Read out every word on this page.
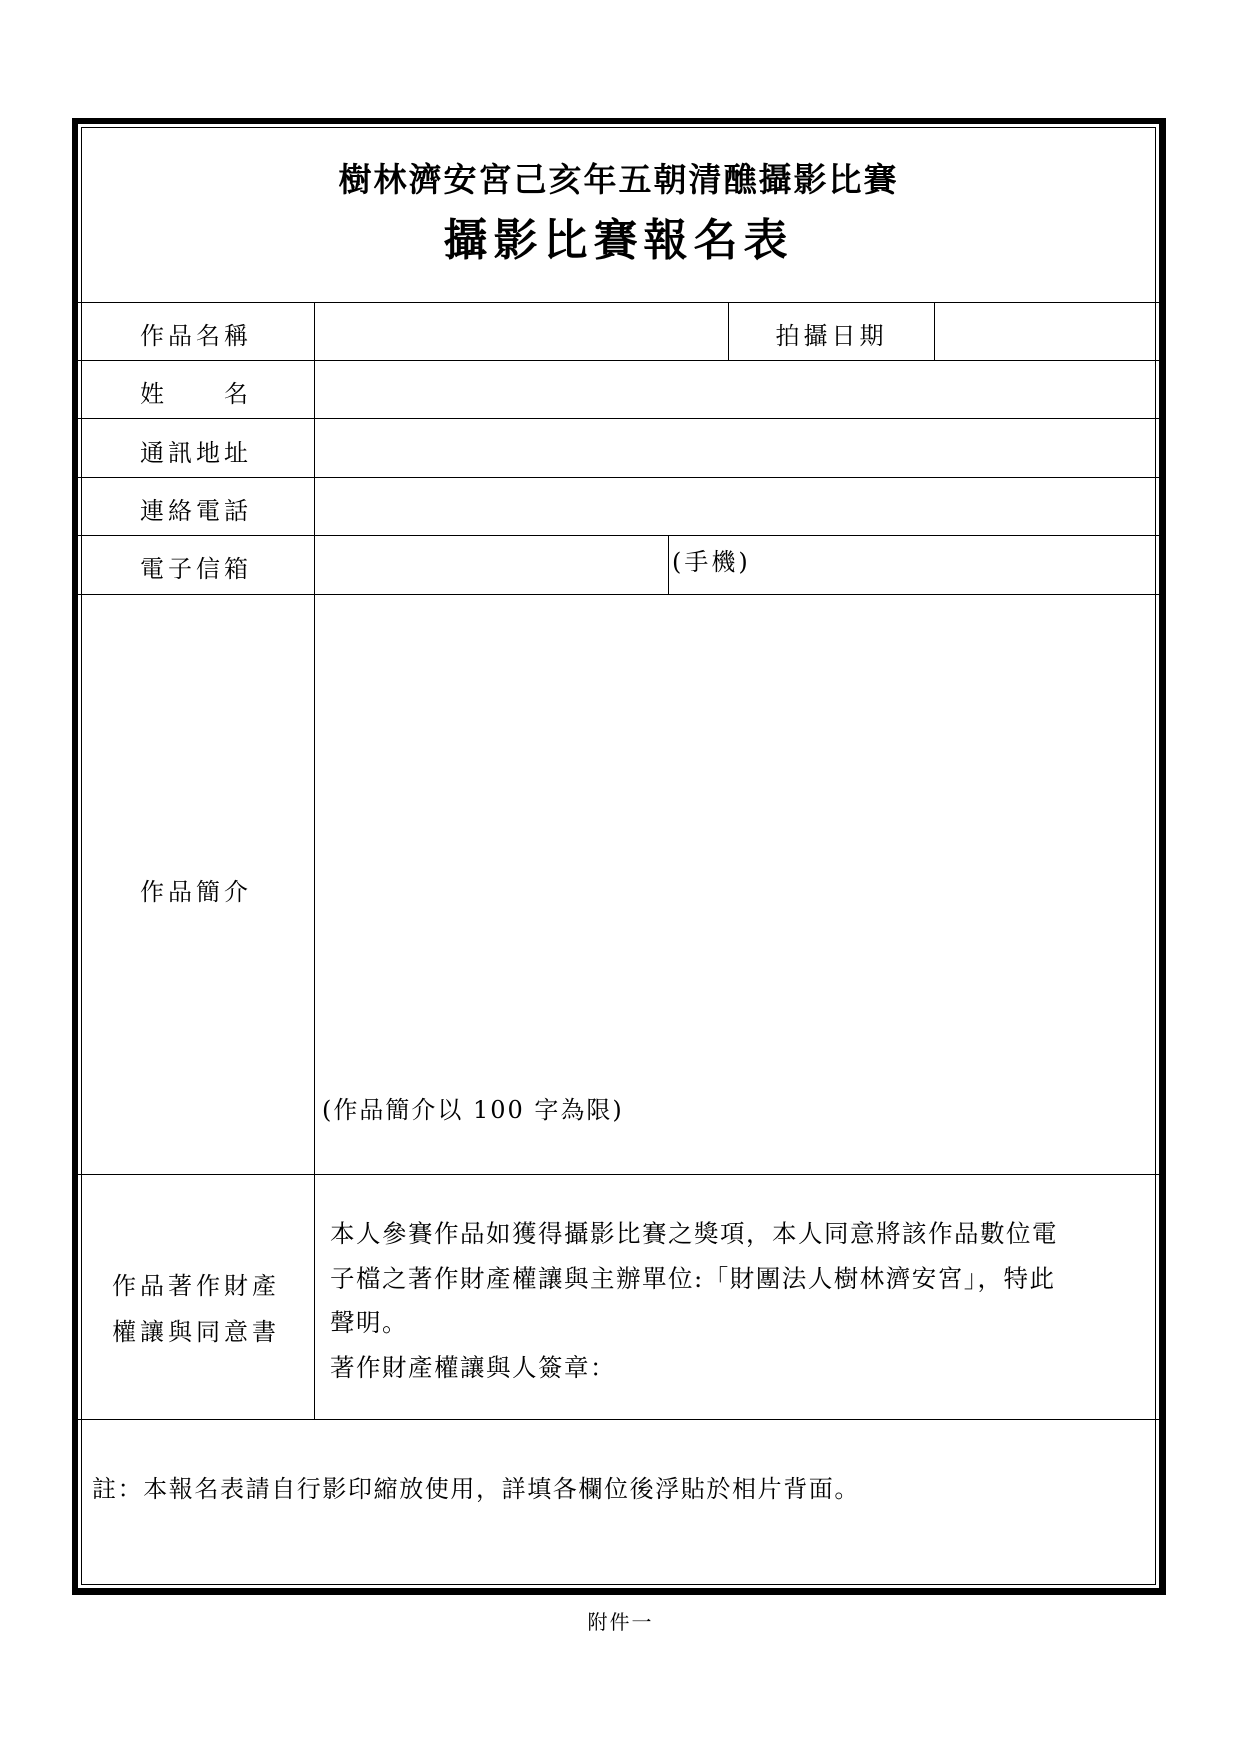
樹林濟安宮己亥年五朝清醮攝影比賽
攝影比賽報名表
作品名稱	拍攝日期
姓　　名
通訊地址
連絡電話
(手機)
電子信箱
作品簡介
(作品簡介以 100 字為限)
作品著作財產
權讓與同意書
本人參賽作品如獲得攝影比賽之獎項，本人同意將該作品數位電
子檔之著作財產權讓與主辦單位:「財團法人樹林濟安宮」，特此
聲明。
著作財產權讓與人簽章：
註：本報名表請自行影印縮放使用，詳填各欄位後浮貼於相片背面。
附件一
